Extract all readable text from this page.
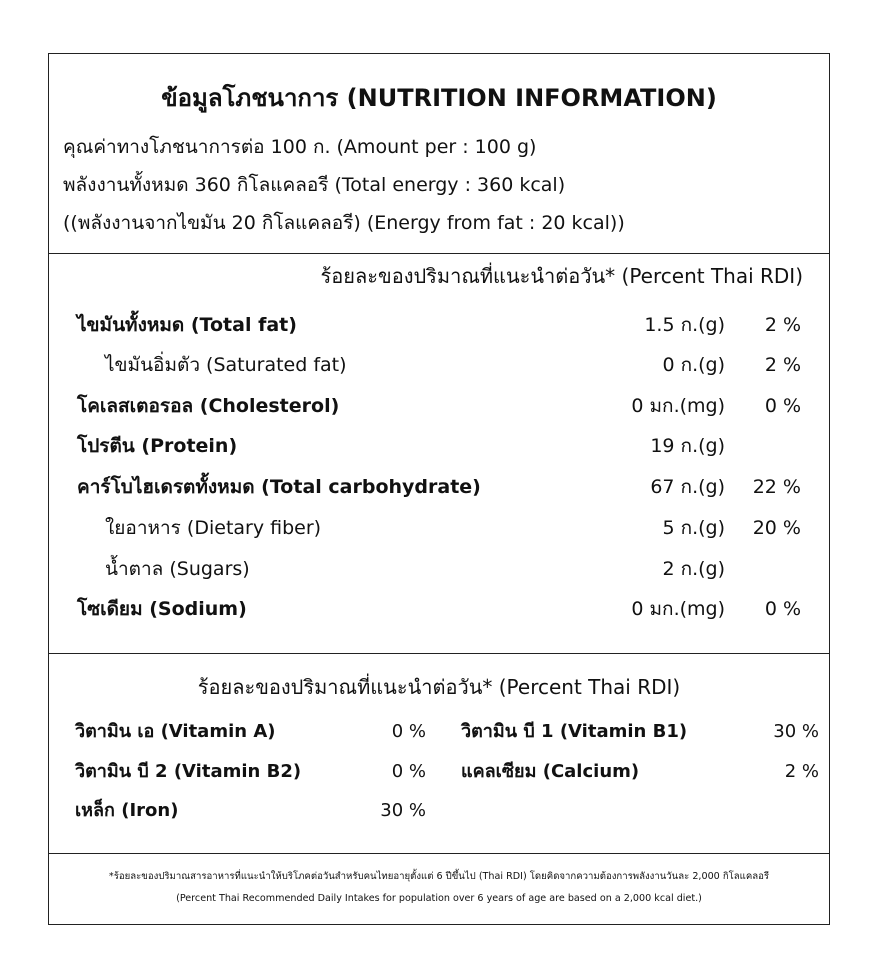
ข้อมูลโภชนาการ (NUTRITION INFORMATION)
คุณค่าทางโภชนาการต่อ 100 ก. (Amount per : 100 g)
พลังงานทั้งหมด 360 กิโลแคลอรี (Total energy : 360 kcal)
((พลังงานจากไขมัน 20 กิโลแคลอรี) (Energy from fat : 20 kcal))
ร้อยละของปริมาณที่แนะนำต่อวัน* (Percent Thai RDI)
ไขมันทั้งหมด (Total fat)	1.5 ก.(g) 2 %
ไขมันอิ่มตัว (Saturated fat)	0 ก.(g) 2 %
โคเลสเตอรอล (Cholesterol)	0 มก.(mg) 0 %
โปรตีน (Protein)	19 ก.(g)
คาร์โบไฮเดรตทั้งหมด (Total carbohydrate)	67 ก.(g) 22 %
ใยอาหาร (Dietary fiber)	5 ก.(g) 20 %
น้ำตาล (Sugars)	2 ก.(g)
โซเดียม (Sodium)	0 มก.(mg) 0 %
ร้อยละของปริมาณที่แนะนำต่อวัน* (Percent Thai RDI)
วิตามิน เอ (Vitamin A)	0 % วิตามิน บี 1 (Vitamin B1)	30 %
วิตามิน บี 2 (Vitamin B2)	0 % แคลเซียม (Calcium)	2 %
เหล็ก (Iron)	30 %
*ร้อยละของปริมาณสารอาหารที่แนะนำให้บริโภคต่อวันสำหรับคนไทยอายุตั้งแต่ 6 ปีขึ้นไป (Thai RDI) โดยคิดจากความต้องการพลังงานวันละ 2,000 กิโลแคลอรี
(Percent Thai Recommended Daily Intakes for population over 6 years of age are based on a 2,000 kcal diet.)
